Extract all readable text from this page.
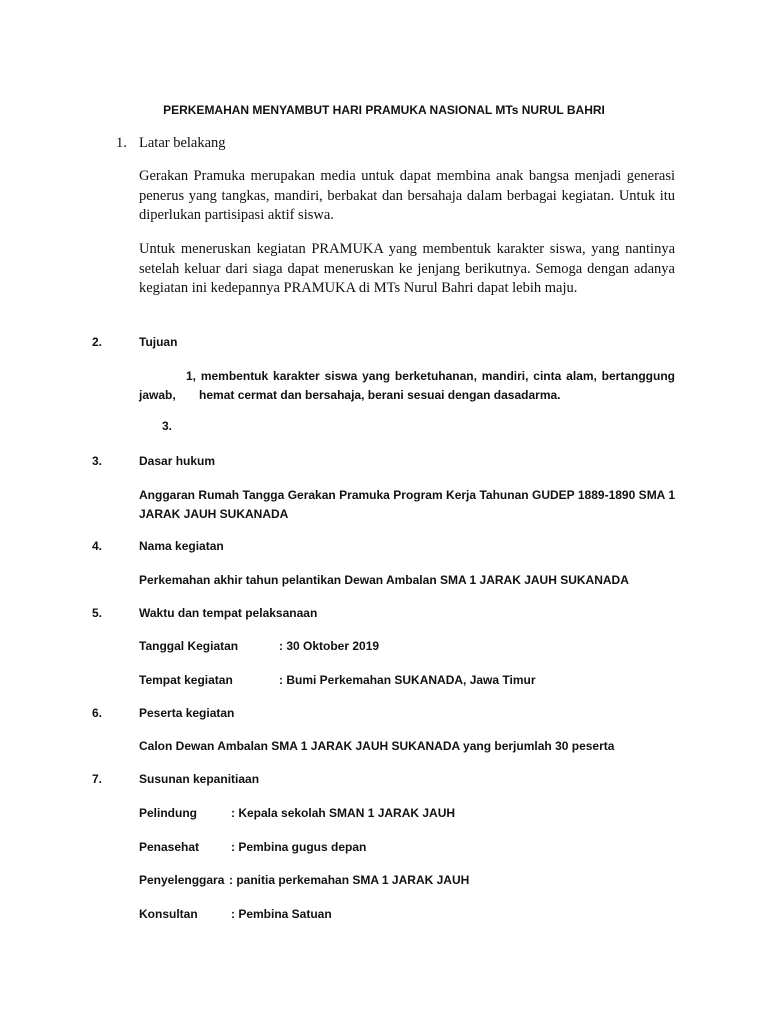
PERKEMAHAN MENYAMBUT HARI PRAMUKA NASIONAL MTs NURUL BAHRI
1. Latar belakang
Gerakan Pramuka merupakan media untuk dapat membina anak bangsa menjadi generasi penerus yang tangkas, mandiri, berbakat dan bersahaja dalam berbagai kegiatan. Untuk itu diperlukan partisipasi aktif siswa.
Untuk meneruskan kegiatan PRAMUKA yang membentuk karakter siswa, yang nantinya setelah keluar dari siaga dapat meneruskan ke jenjang berikutnya. Semoga dengan adanya kegiatan ini kedepannya PRAMUKA di MTs Nurul Bahri dapat lebih maju.
2.	Tujuan
1, membentuk karakter siswa yang berketuhanan, mandiri, cinta alam, bertanggung jawab,       hemat cermat dan bersahaja, berani sesuai dengan dasadarma.
3.
3.	Dasar hukum
Anggaran Rumah Tangga Gerakan Pramuka Program Kerja Tahunan GUDEP 1889-1890 SMA 1 JARAK JAUH SUKANADA
4.	Nama kegiatan
Perkemahan akhir tahun pelantikan Dewan Ambalan SMA 1 JARAK JAUH SUKANADA
5.	Waktu dan tempat pelaksanaan
Tanggal Kegiatan	: 30 Oktober 2019
Tempat kegiatan	: Bumi Perkemahan SUKANADA, Jawa Timur
6.	Peserta kegiatan
Calon Dewan Ambalan SMA 1 JARAK JAUH SUKANADA yang berjumlah 30 peserta
7.	Susunan kepanitiaan
Pelindung	: Kepala sekolah SMAN 1 JARAK JAUH
Penasehat	: Pembina gugus depan
Penyelenggara : panitia perkemahan SMA 1 JARAK JAUH
Konsultan	: Pembina Satuan
